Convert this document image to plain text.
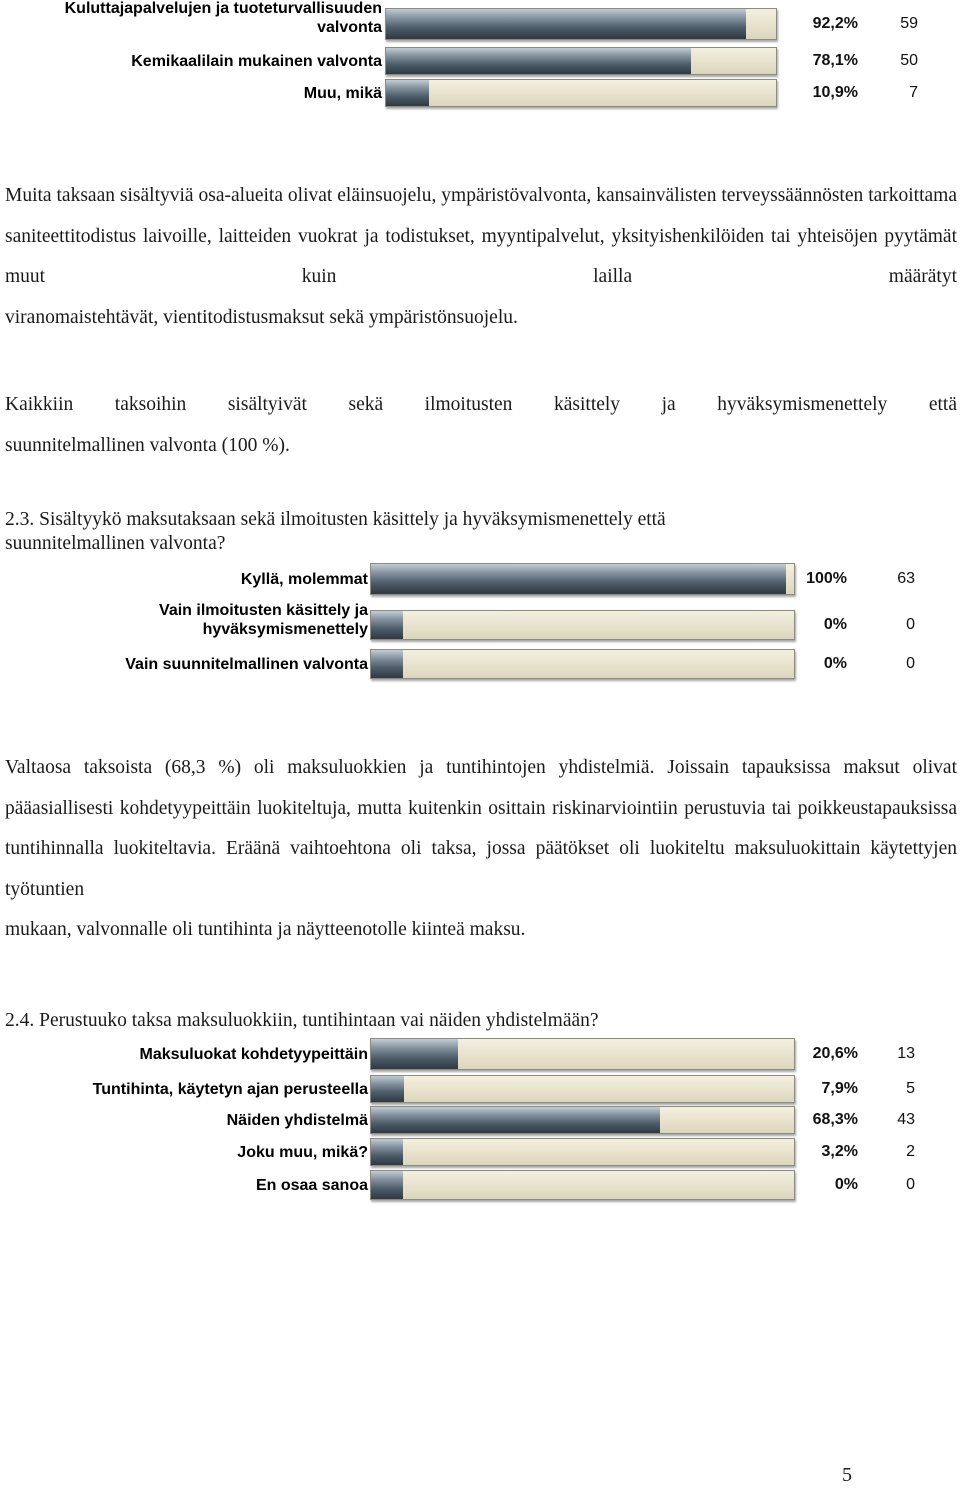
Kuluttajapalvelujen ja tuoteturvallisuuden
valvonta	92,2%	59
Kemikaalilain mukainen valvonta	78,1%	50
Muu, mikä	10,9%	7

Muita taksaan sisältyviä osa-alueita olivat eläinsuojelu, ympäristövalvonta, kansainvälisten terveyssäännösten tarkoittama saniteettitodistus laivoille, laitteiden vuokrat ja todistukset, myyntipalvelut, yksityishenkilöiden tai yhteisöjen pyytämät muut kuin lailla määrätyt
viranomaistehtävät, vientitodistusmaksut sekä ympäristönsuojelu.

Kaikkiin taksoihin sisältyivät sekä ilmoitusten käsittely ja hyväksymismenettely että
suunnitelmallinen valvonta (100 %).

2.3. Sisältyykö maksutaksaan sekä ilmoitusten käsittely ja hyväksymismenettely että
suunnitelmallinen valvonta?
Kyllä, molemmat	100%	63
Vain ilmoitusten käsittely ja
hyväksymismenettely	0%	0
Vain suunnitelmallinen valvonta	0%	0

Valtaosa taksoista (68,3 %) oli maksuluokkien ja tuntihintojen yhdistelmiä. Joissain tapauksissa maksut olivat pääasiallisesti kohdetyypeittäin luokiteltuja, mutta kuitenkin osittain riskinarviointiin perustuvia tai poikkeustapauksissa tuntihinnalla luokiteltavia. Eräänä vaihtoehtona oli taksa, jossa päätökset oli luokiteltu maksuluokittain käytettyjen työtuntien
mukaan, valvonnalle oli tuntihinta ja näytteenotolle kiinteä maksu.

2.4. Perustuuko taksa maksuluokkiin, tuntihintaan vai näiden yhdistelmään?
Maksuluokat kohdetyypeittäin	20,6%	13
Tuntihinta, käytetyn ajan perusteella	7,9%	5
Näiden yhdistelmä	68,3%	43
Joku muu, mikä?	3,2%	2
En osaa sanoa	0%	0
5
